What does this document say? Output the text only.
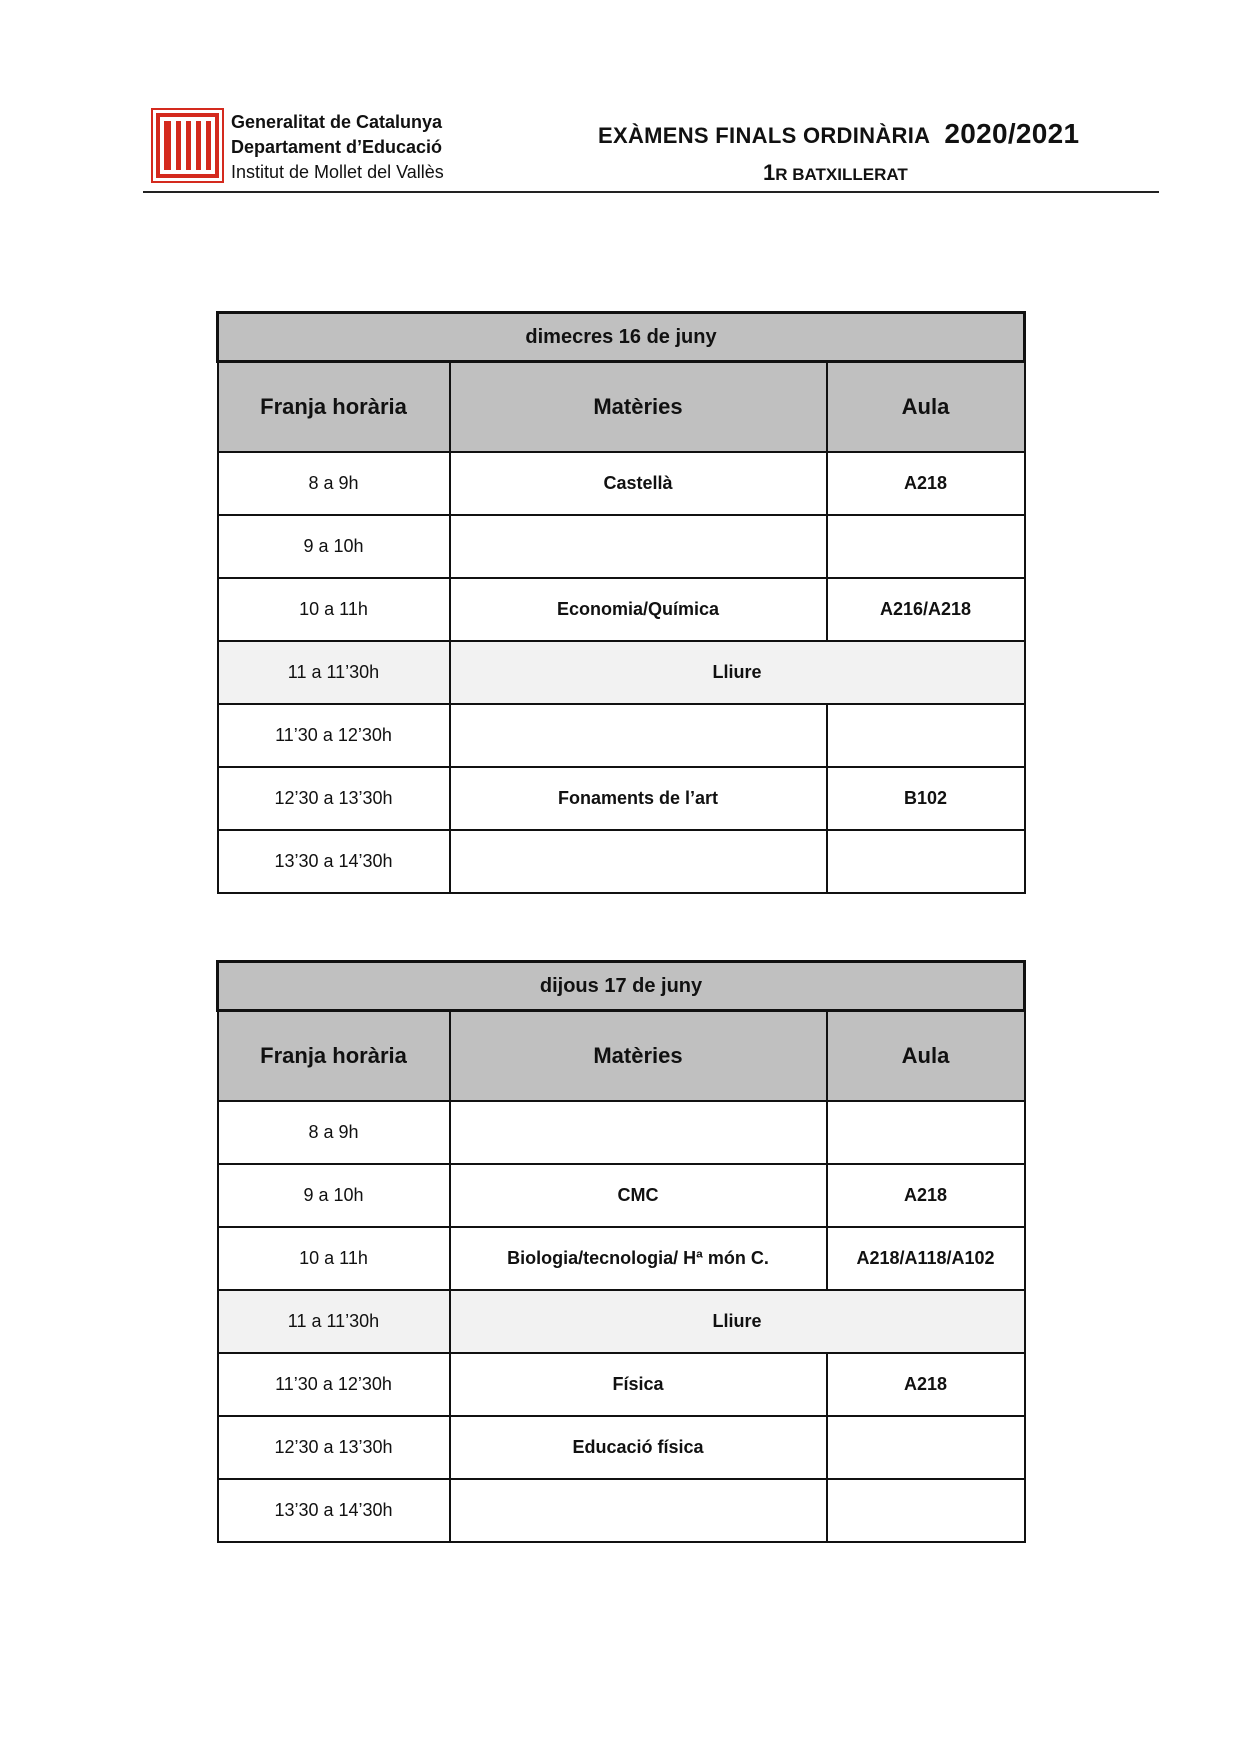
Generalitat de Catalunya
Departament d’Educació
Institut de Mollet del Vallès
EXÀMENS FINALS ORDINÀRIA 2020/2021
1R BATXILLERAT
dimecres 16 de juny		
Franja horària	Matèries	Aula
8 a 9h	Castellà	A218
9 a 10h		
10 a 11h	Economia/Química	A216/A218
11 a 11’30h	Lliure	
11’30 a 12’30h		
12’30 a 13’30h	Fonaments de l’art	B102
13’30 a 14’30h		
dijous 17 de juny		
Franja horària	Matèries	Aula
8 a 9h		
9 a 10h	CMC	A218
10 a 11h	Biologia/tecnologia/ Hª món C.	A218/A118/A102
11 a 11’30h	Lliure	
11’30 a 12’30h	Física	A218
12’30 a 13’30h	Educació física	
13’30 a 14’30h		
